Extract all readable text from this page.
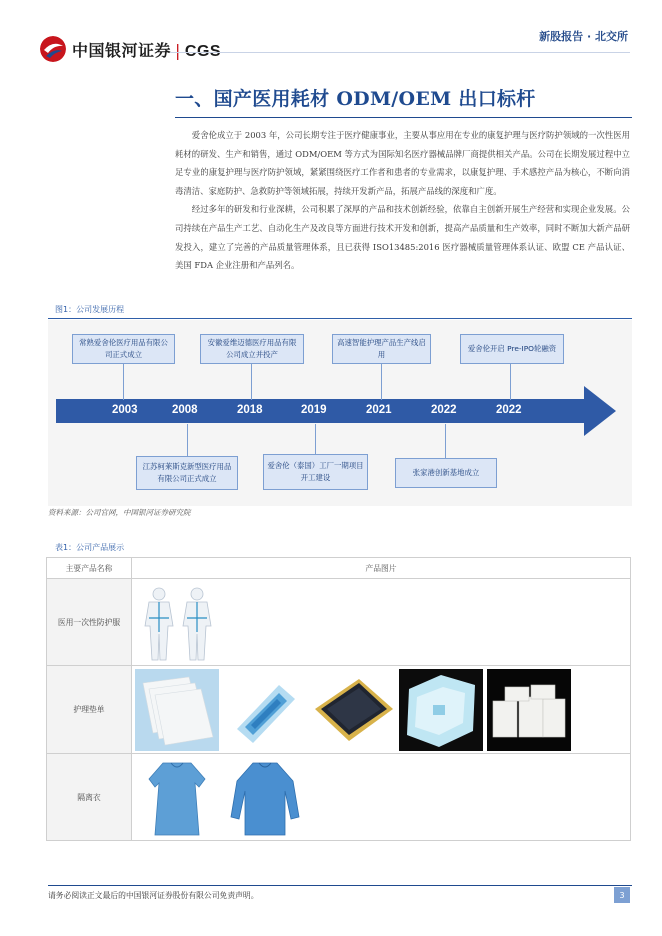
中国银河证券 | CGS
新股报告 · 北交所
一、国产医用耗材 ODM/OEM 出口标杆

爱舍伦成立于 2003 年，公司长期专注于医疗健康事业，主要从事应用在专业的康复护理与医疗防护领域的一次性医用耗材的研发、生产和销售，通过 ODM/OEM 等方式为国际知名医疗器械品牌厂商提供相关产品。公司在长期发展过程中立足专业的康复护理与医疗防护领域，紧紧围绕医疗工作者和患者的专业需求，以康复护理、手术感控产品为核心，不断向消毒清洁、家庭防护、急救防护等领域拓展，持续开发新产品，拓展产品线的深度和广度。

经过多年的研发和行业深耕，公司积累了深厚的产品和技术创新经验，依靠自主创新开展生产经营和实现企业发展。公司持续在产品生产工艺、自动化生产及改良等方面进行技术开发和创新，提高产品质量和生产效率，同时不断加大新产品研发投入，建立了完善的产品质量管理体系，且已获得 ISO13485:2016 医疗器械质量管理体系认证、欧盟 CE 产品认证、美国 FDA 企业注册和产品列名。

图1：公司发展历程
2003	2008	2018	2019	2021	2022	2022
常熟爱舍伦医疗用品有限公司正式成立
安徽爱维迈德医疗用品有限公司成立并投产
高速智能护理产品生产线启用
爱舍伦开启 Pre-IPO轮融资
江苏柯莱斯克新型医疗用品有限公司正式成立
爱舍伦（泰国）工厂一期项目开工建设
张家港创新基地成立
资料来源：公司官网，中国银河证券研究院
表1：公司产品展示
主要产品名称	产品图片
医用一次性防护服	

护理垫单	

隔离衣	
请务必阅读正文最后的中国银河证券股份有限公司免责声明。	3
